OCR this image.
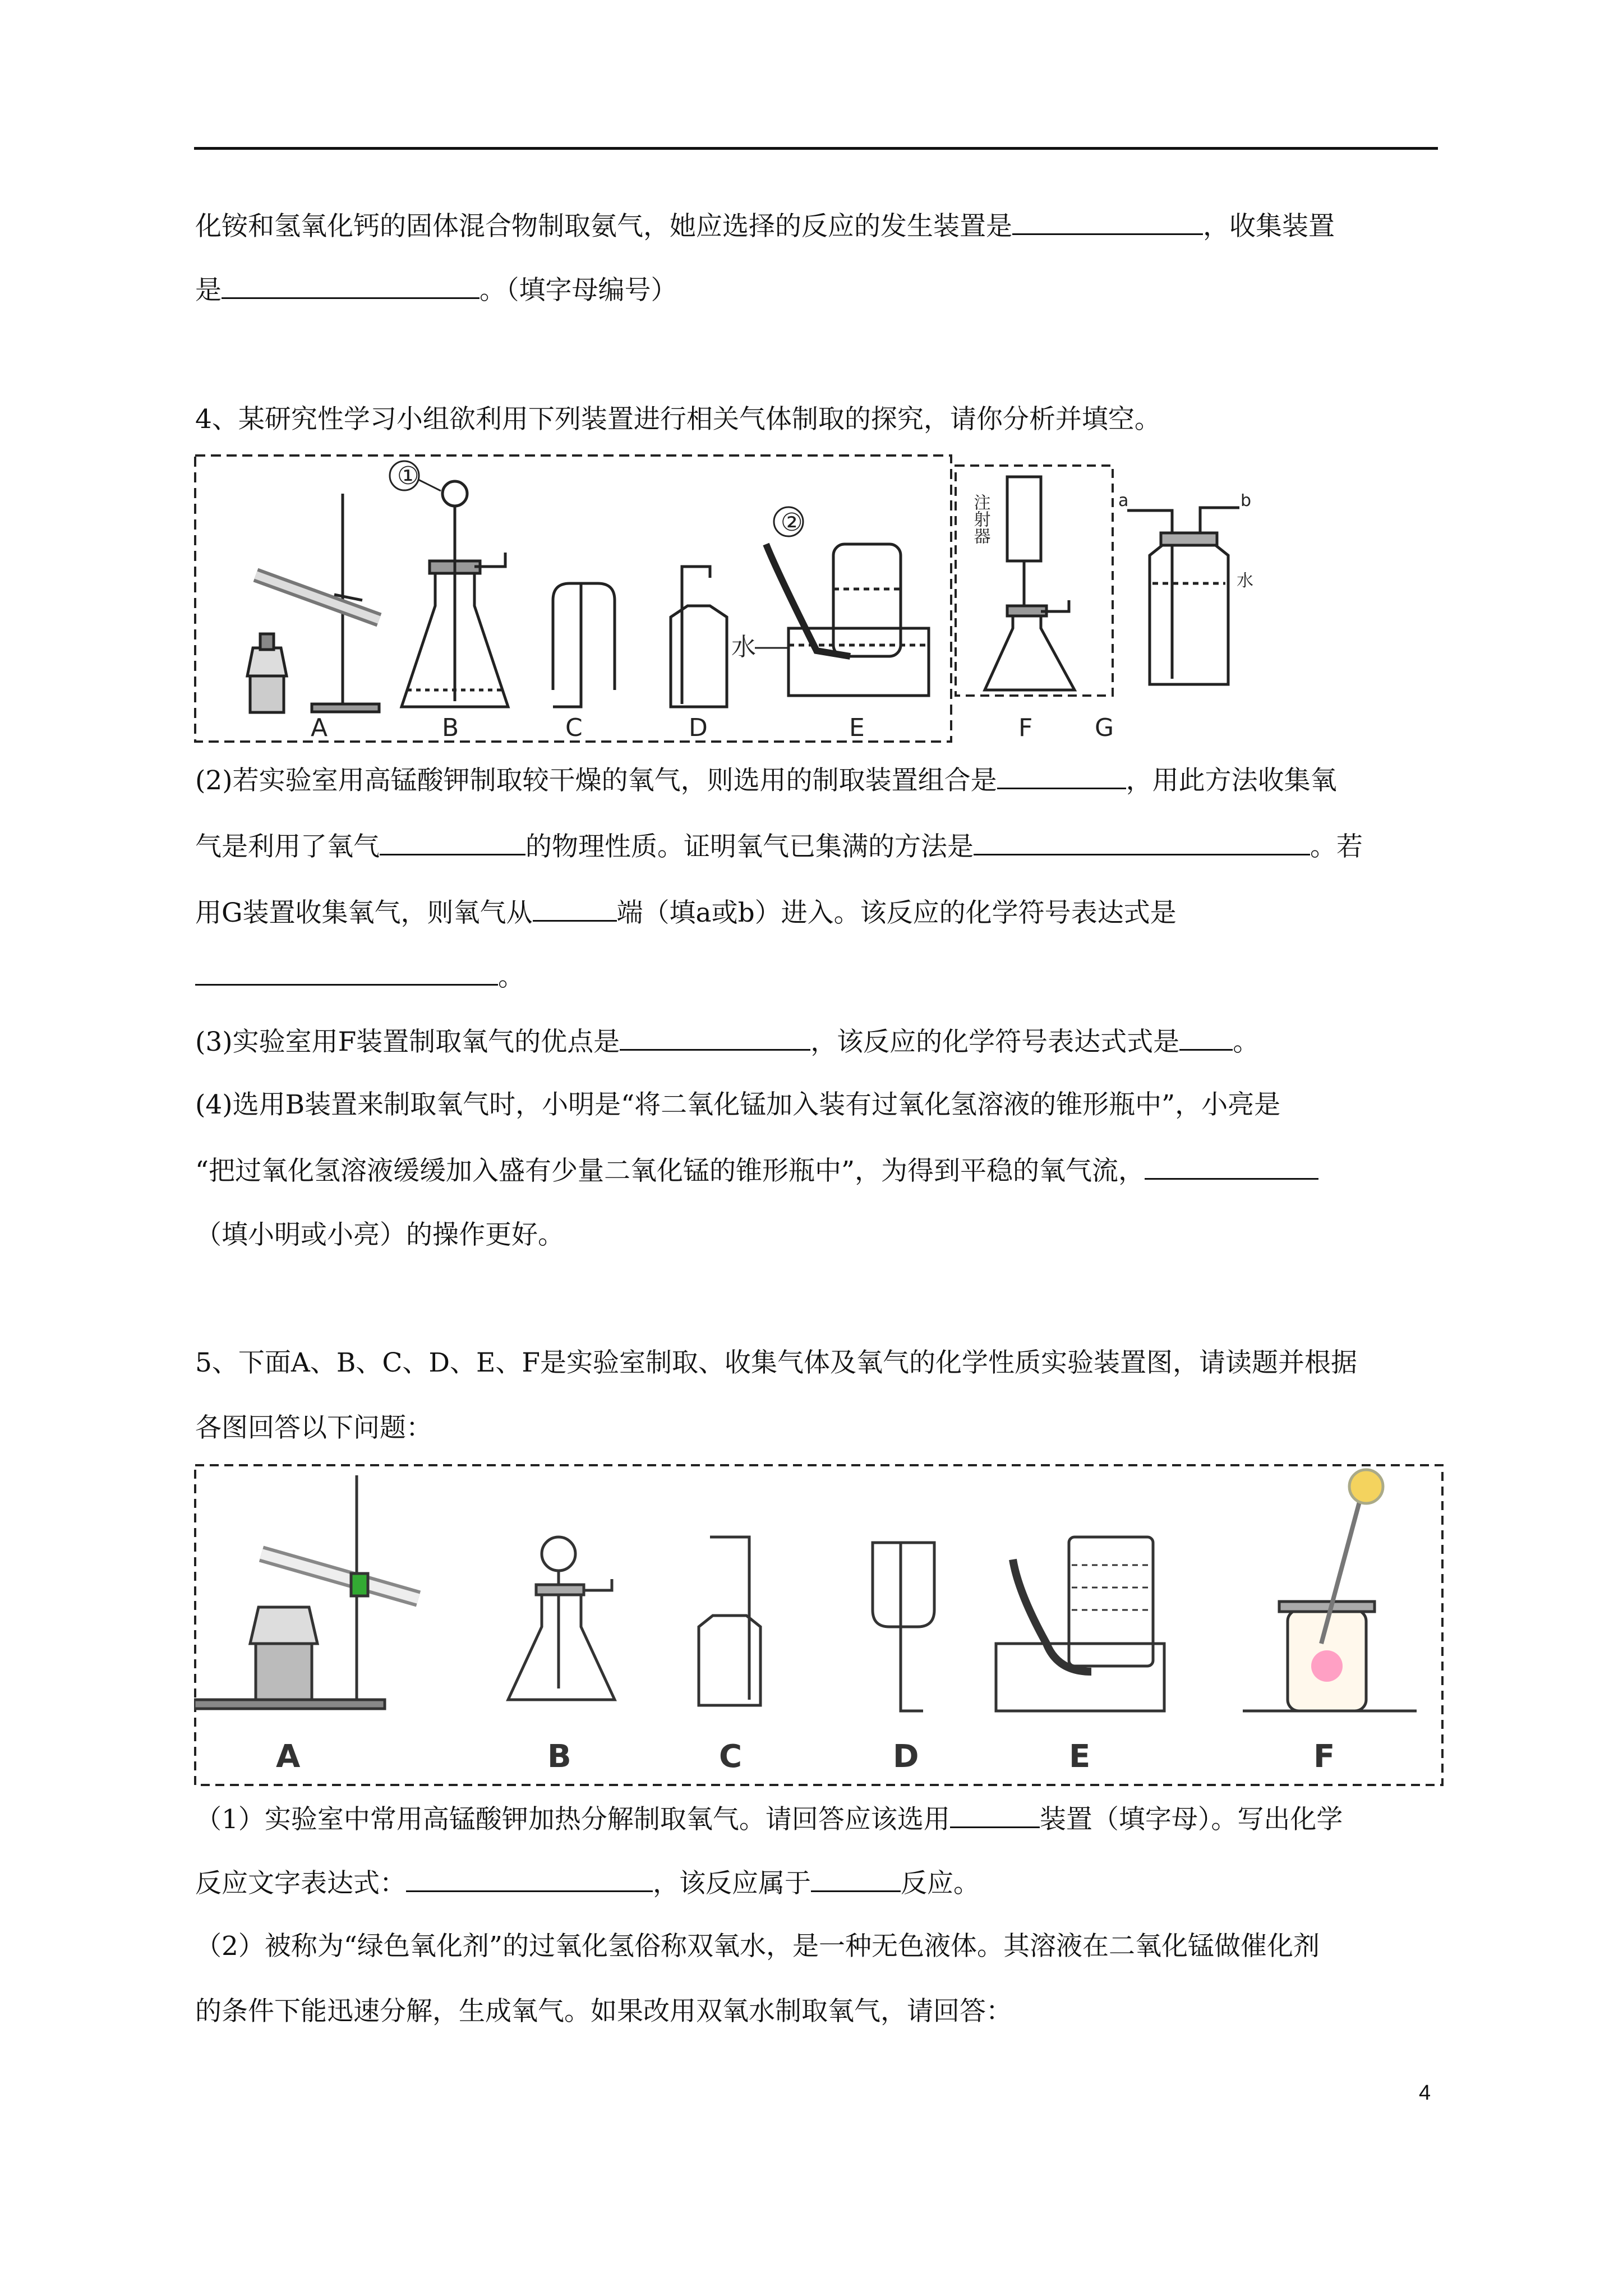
化铵和氢氧化钙的固体混合物制取氨气，她应选择的反应的发生装置是	，收集装置
是	。（填字母编号）
4、某研究性学习小组欲利用下列装置进行相关气体制取的探究，请你分析并填空。
A
①
B	C	D
②
水
E
注射器
F	G
a	b
水
(2)若实验室用高锰酸钾制取较干燥的氧气，则选用的制取装置组合是	，用此方法收集氧
气是利用了氧气	的物理性质。证明氧气已集满的方法是	。若
用G装置收集氧气，则氧气从	端（填a或b）进入。该反应的化学符号表达式是
。
(3)实验室用F装置制取氧气的优点是	，该反应的化学符号表达式式是 。
(4)选用B装置来制取氧气时，小明是“将二氧化锰加入装有过氧化氢溶液的锥形瓶中”，小亮是
“把过氧化氢溶液缓缓加入盛有少量二氧化锰的锥形瓶中”，为得到平稳的氧气流，
（填小明或小亮）的操作更好。
5、下面A、B、C、D、E、F是实验室制取、收集气体及氧气的化学性质实验装置图，请读题并根据
各图回答以下问题：
A	B	C	D	E	F
（1）实验室中常用高锰酸钾加热分解制取氧气。请回答应该选用	装置（填字母）。写出化学
反应文字表达式：	，该反应属于	反应。
（2）被称为“绿色氧化剂”的过氧化氢俗称双氧水，是一种无色液体。其溶液在二氧化锰做催化剂
的条件下能迅速分解，生成氧气。如果改用双氧水制取氧气，请回答：
4
